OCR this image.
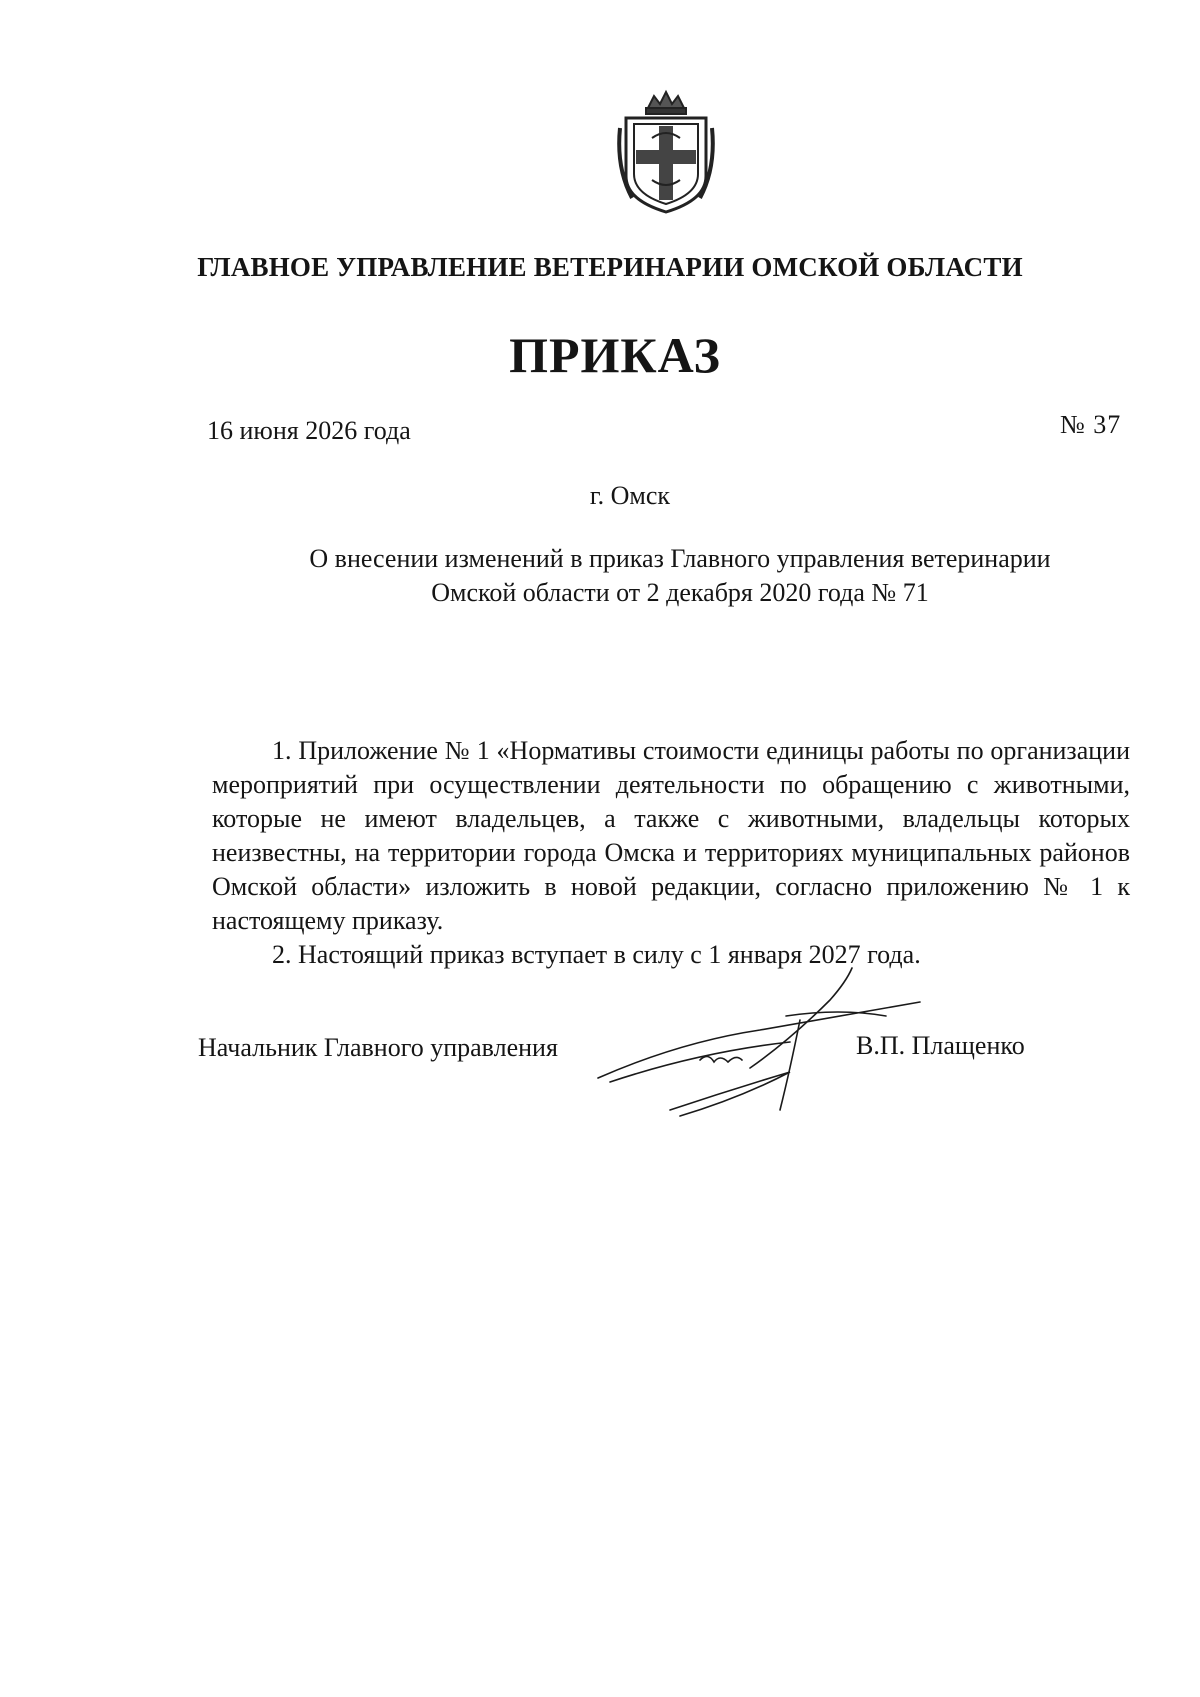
ГЛАВНОЕ УПРАВЛЕНИЕ ВЕТЕРИНАРИИ ОМСКОЙ ОБЛАСТИ
ПРИКАЗ
16 июня 2026 года	№ 37
г. Омск
О внесении изменений в приказ Главного управления ветеринарии
Омской области от 2 декабря 2020 года № 71

1. Приложение № 1 «Нормативы стоимости единицы работы по организации мероприятий при осуществлении деятельности по обращению с животными, которые не имеют владельцев, а также с животными, владельцы которых неизвестны, на территории города Омска и территориях муниципальных районов Омской области» изложить в новой редакции, согласно приложению № 1 к настоящему приказу.

2. Настоящий приказ вступает в силу с 1 января 2027 года.

Начальник Главного управления	В.П. Плащенко
